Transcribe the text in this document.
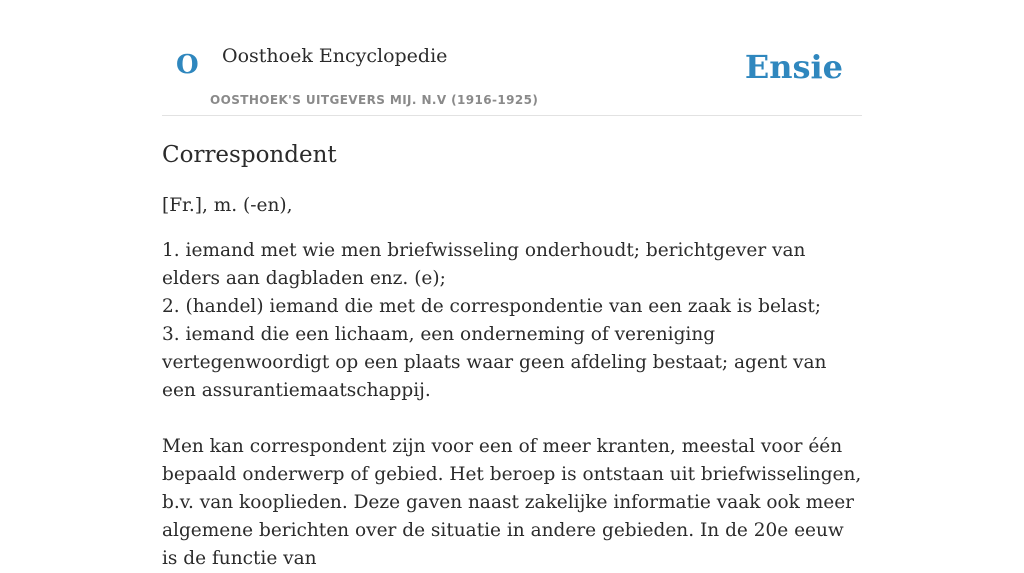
O Oosthoek Encyclopedie
OOSTHOEK'S UITGEVERS MIJ. N.V (1916-1925)
Ensie
Correspondent

[Fr.], m. (-en),

1. iemand met wie men briefwisseling onderhoudt; berichtgever van elders aan dagbladen enz. (e);
2. (handel) iemand die met de correspondentie van een zaak is belast;
3. iemand die een lichaam, een onderneming of vereniging vertegenwoordigt op een plaats waar geen afdeling bestaat; agent van een assurantiemaatschappij.

Men kan correspondent zijn voor een of meer kranten, meestal voor één bepaald onderwerp of gebied. Het beroep is ontstaan uit briefwisselingen, b.v. van kooplieden. Deze gaven naast zakelijke informatie vaak ook meer algemene berichten over de situatie in andere gebieden. In de 20e eeuw is de functie van
